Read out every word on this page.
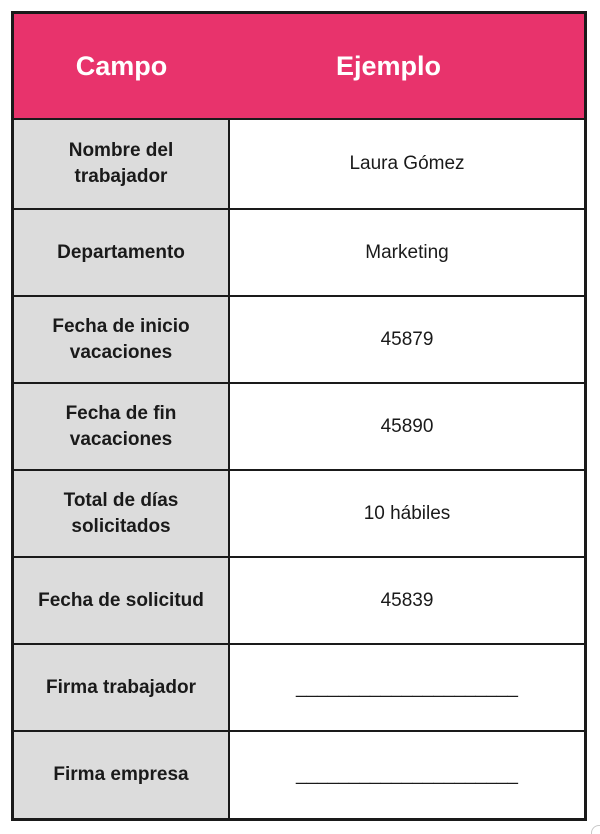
Campo	Ejemplo
Nombre del trabajador	Laura Gómez
Departamento	Marketing
Fecha de inicio vacaciones	45879
Fecha de fin vacaciones	45890
Total de días solicitados	10 hábiles
Fecha de solicitud	45839
Firma trabajador	_____________________
Firma empresa	_____________________
